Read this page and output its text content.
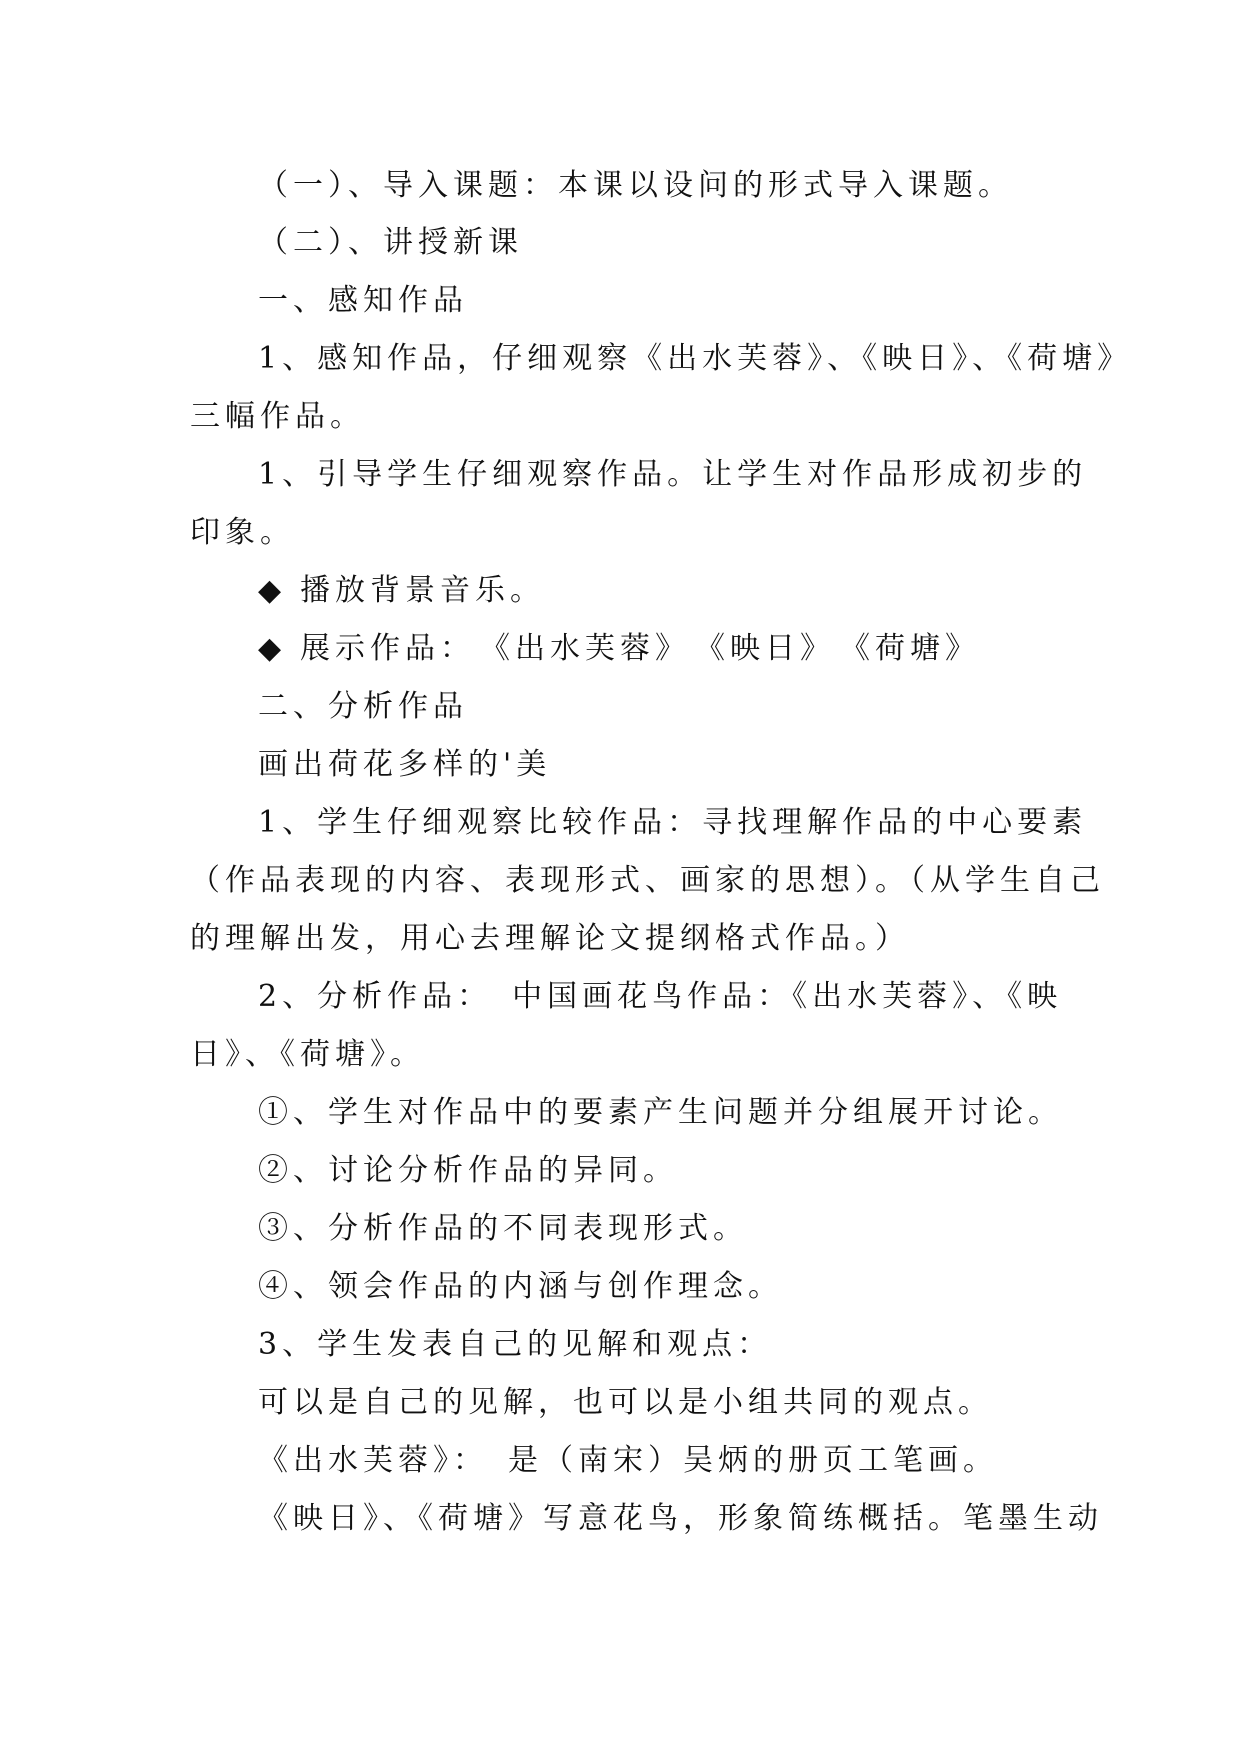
（一）、导入课题：本课以设问的形式导入课题。
（二）、讲授新课
一、感知作品
1、感知作品，仔细观察《出水芙蓉》、《映日》、《荷塘》
三幅作品。
1、引导学生仔细观察作品。让学生对作品形成初步的
印象。
◆ 播放背景音乐。
◆ 展示作品：　《出水芙蓉》　《映日》　《荷塘》
二、分析作品
画出荷花多样的'美
1、学生仔细观察比较作品：寻找理解作品的中心要素
（作品表现的内容、表现形式、画家的思想）。（从学生自己
的理解出发，用心去理解论文提纲格式作品。）
2、分析作品：　中国画花鸟作品：《出水芙蓉》、《映
日》、《荷塘》。
①、学生对作品中的要素产生问题并分组展开讨论。
②、讨论分析作品的异同。
③、分析作品的不同表现形式。
④、领会作品的内涵与创作理念。
3、学生发表自己的见解和观点：
可以是自己的见解，也可以是小组共同的观点。
《出水芙蓉》：　是（南宋）吴炳的册页工笔画。
《映日》、《荷塘》写意花鸟，形象简练概括。笔墨生动
